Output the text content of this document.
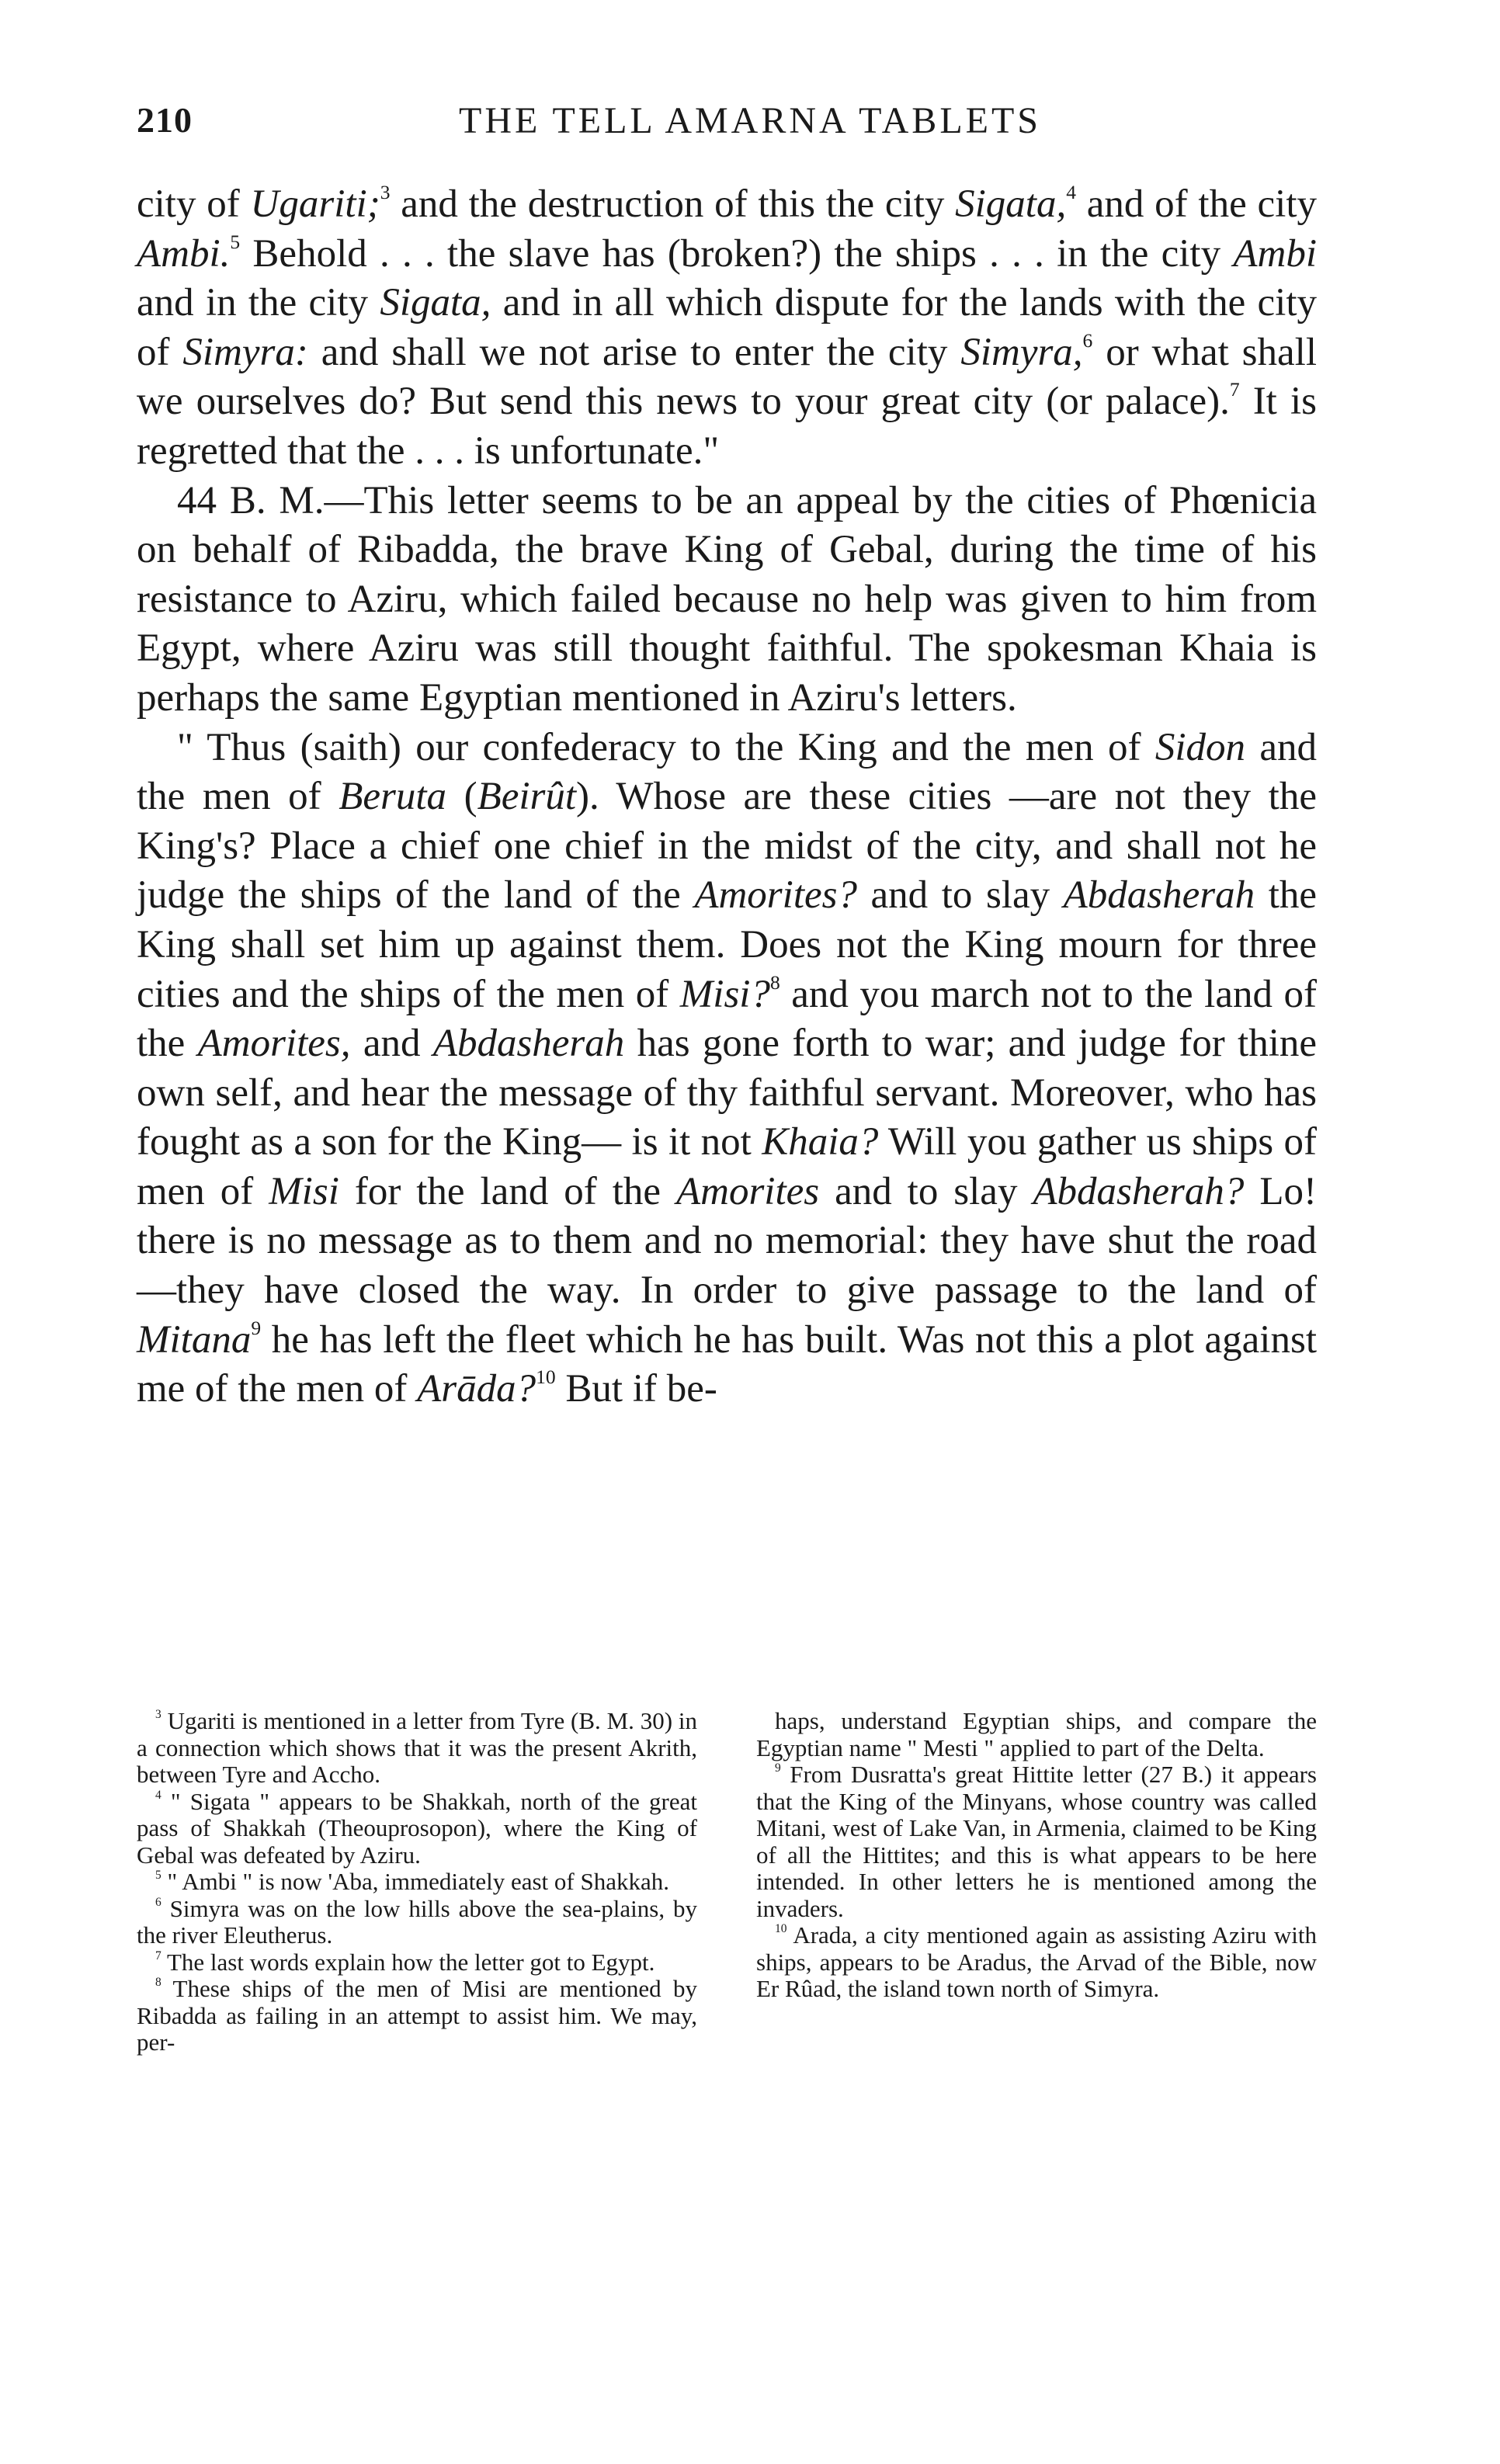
210	THE TELL AMARNA TABLETS

city of Ugariti;$^3$ and the destruction of this the city Sigata,$^4$ and of the city Ambi.$^5$ Behold . . . the slave has (broken?) the ships . . . in the city Ambi and in the city Sigata, and in all which dispute for the lands with the city of Simyra: and shall we not arise to enter the city Simyra,$^6$ or what shall we ourselves do? But send this news to your great city (or palace).$^7$ It is regretted that the . . . is unfortunate."

44 B. M.—This letter seems to be an appeal by the cities of Phœnicia on behalf of Ribadda, the brave King of Gebal, during the time of his resistance to Aziru, which failed because no help was given to him from Egypt, where Aziru was still thought faithful. The spokesman Khaia is perhaps the same Egyptian mentioned in Aziru's letters.

" Thus (saith) our confederacy to the King and the men of Sidon and the men of Beruta (Beirût). Whose are these cities —are not they the King's? Place a chief one chief in the midst of the city, and shall not he judge the ships of the land of the Amorites? and to slay Abdasherah the King shall set him up against them. Does not the King mourn for three cities and the ships of the men of Misi?$^8$ and you march not to the land of the Amorites, and Abdasherah has gone forth to war; and judge for thine own self, and hear the message of thy faithful servant. Moreover, who has fought as a son for the King— is it not Khaia? Will you gather us ships of men of Misi for the land of the Amorites and to slay Abdasherah? Lo! there is no message as to them and no memorial: they have shut the road—they have closed the way. In order to give passage to the land of Mitana$^9$ he has left the fleet which he has built. Was not this a plot against me of the men of Arāda?$^{10}$ But if be-

$^3$ Ugariti is mentioned in a letter from Tyre (B. M. 30) in a connection which shows that it was the present Akrith, between Tyre and Accho.

$^4$ " Sigata " appears to be Shakkah, north of the great pass of Shakkah (Theouprosopon), where the King of Gebal was defeated by Aziru.

$^5$ " Ambi " is now 'Aba, immediately east of Shakkah.

$^6$ Simyra was on the low hills above the sea-plains, by the river Eleutherus.

$^7$ The last words explain how the letter got to Egypt.

$^8$ These ships of the men of Misi are mentioned by Ribadda as failing in an attempt to assist him. We may, per-

haps, understand Egyptian ships, and compare the Egyptian name " Mesti " applied to part of the Delta.

$^9$ From Dusratta's great Hittite letter (27 B.) it appears that the King of the Minyans, whose country was called Mitani, west of Lake Van, in Armenia, claimed to be King of all the Hittites; and this is what appears to be here intended. In other letters he is mentioned among the invaders.

$^{10}$ Arada, a city mentioned again as assisting Aziru with ships, appears to be Aradus, the Arvad of the Bible, now Er Rûad, the island town north of Simyra.
